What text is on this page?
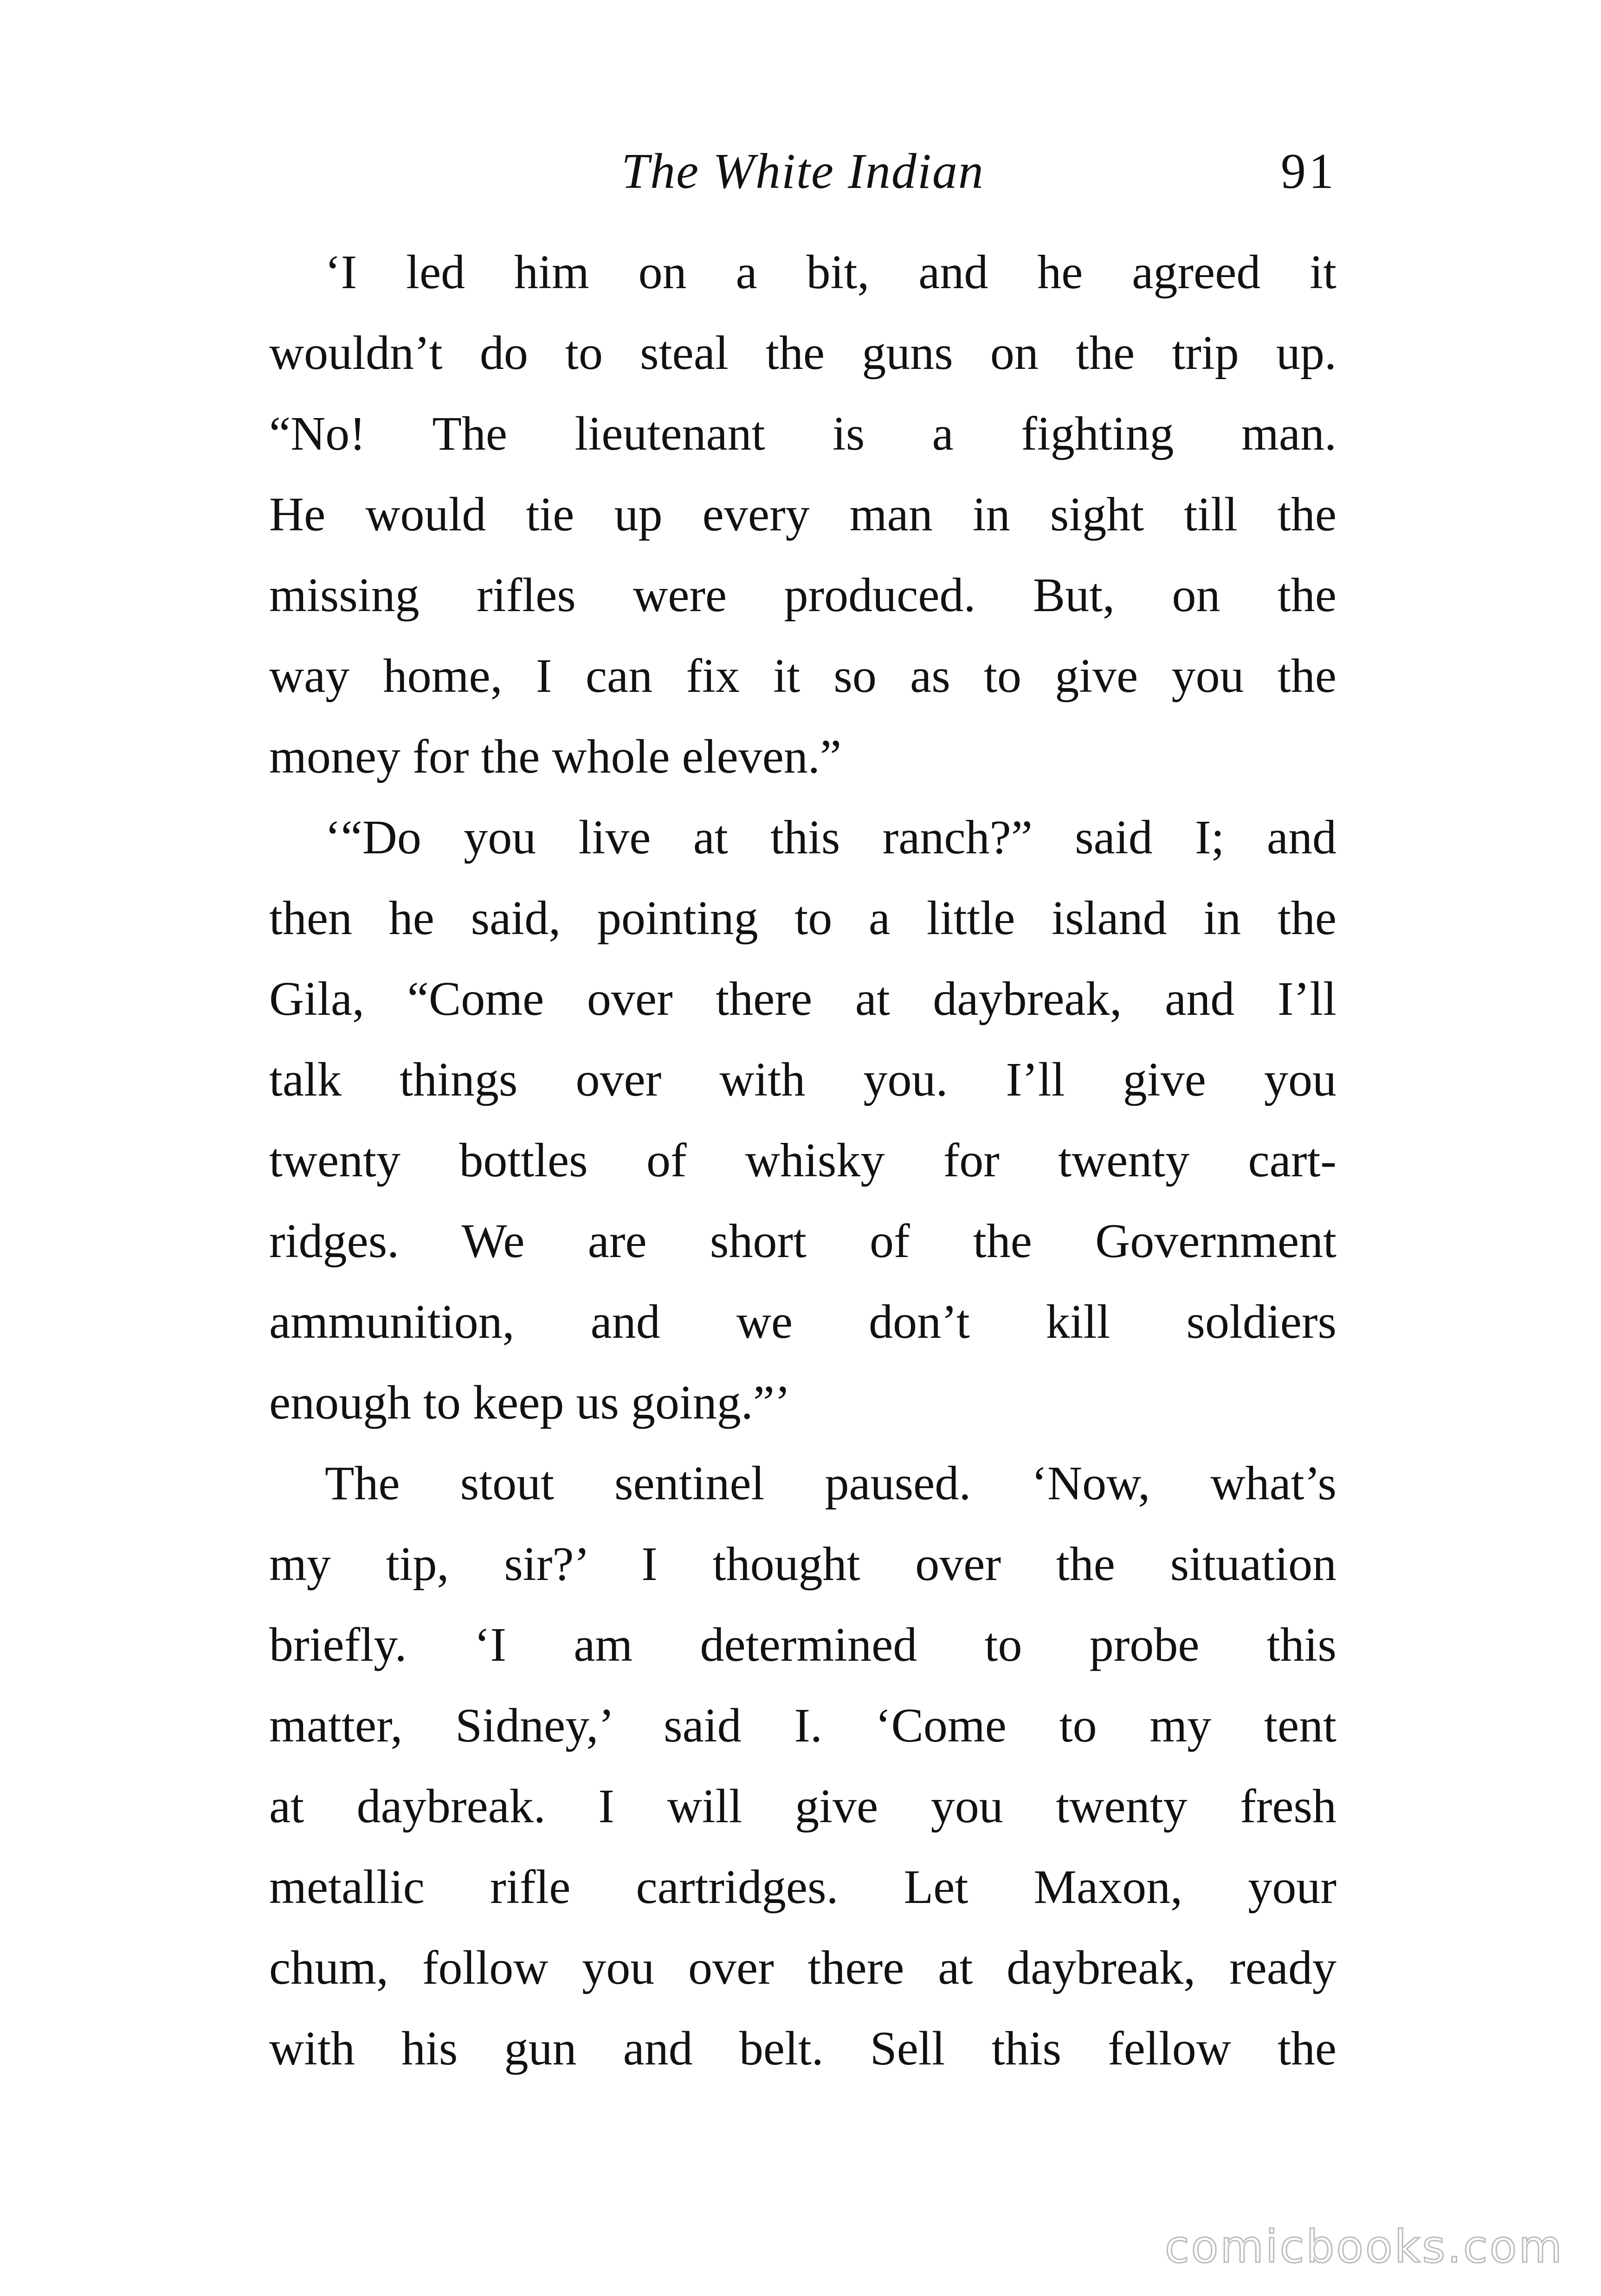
The White Indian	91
‘I led him on a bit, and he agreed it
wouldn’t do to steal the guns on the trip up.
“No! The lieutenant is a fighting man.
He would tie up every man in sight till the
missing rifles were produced. But, on the
way home, I can fix it so as to give you the
money for the whole eleven.”
‘“Do you live at this ranch?” said I; and
then he said, pointing to a little island in the
Gila, “Come over there at daybreak, and I’ll
talk things over with you. I’ll give you
twenty bottles of whisky for twenty cart-
ridges. We are short of the Government
ammunition, and we don’t kill soldiers
enough to keep us going.”’
The stout sentinel paused. ‘Now, what’s
my tip, sir?’ I thought over the situation
briefly. ‘I am determined to probe this
matter, Sidney,’ said I. ‘Come to my tent
at daybreak. I will give you twenty fresh
metallic rifle cartridges. Let Maxon, your
chum, follow you over there at daybreak, ready
with his gun and belt. Sell this fellow the
comicbooks.com
